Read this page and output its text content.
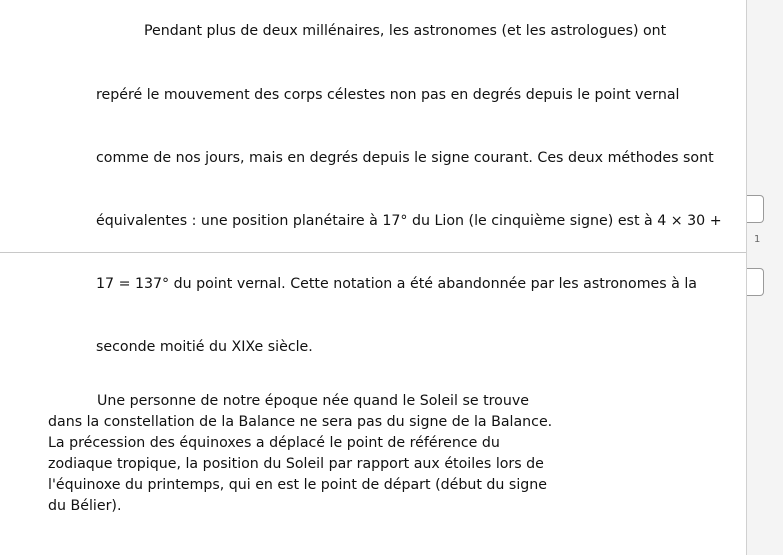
Pendant plus de deux millénaires, les astronomes (et les astrologues) ont
repéré le mouvement des corps célestes non pas en degrés depuis le point vernal
comme de nos jours, mais en degrés depuis le signe courant. Ces deux méthodes sont
équivalentes : une position planétaire à 17° du Lion (le cinquième signe) est à 4 × 30 +
17 = 137° du point vernal. Cette notation a été abandonnée par les astronomes à la
seconde moitié du XIXe siècle.
Une personne de notre époque née quand le Soleil se trouve
dans la constellation de la Balance ne sera pas du signe de la Balance.
La précession des équinoxes a déplacé le point de référence du
zodiaque tropique, la position du Soleil par rapport aux étoiles lors de
l'équinoxe du printemps, qui en est le point de départ (début du signe
du Bélier).
1
